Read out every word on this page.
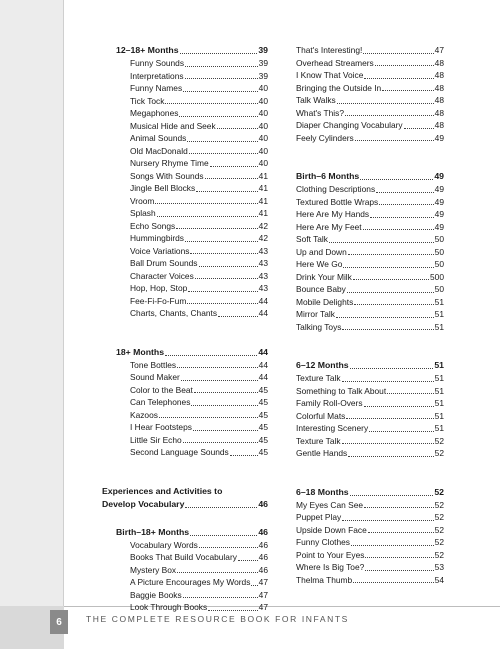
6	THE COMPLETE RESOURCE BOOK FOR INFANTS
12–18+ Months	39
Funny Sounds	39
Interpretations	39
Funny Names	40
Tick Tock	40
Megaphones	40
Musical Hide and Seek	40
Animal Sounds	40
Old MacDonald	40
Nursery Rhyme Time	40
Songs With Sounds	41
Jingle Bell Blocks	41
Vroom	41
Splash	41
Echo Songs	42
Hummingbirds	42
Voice Variations	43
Ball Drum Sounds	43
Character Voices	43
Hop, Hop, Stop	43
Fee-Fi-Fo-Fum	44
Charts, Chants, Chants	44
18+ Months	44
Tone Bottles	44
Sound Maker	44
Color to the Beat	45
Can Telephones	45
Kazoos	45
I Hear Footsteps	45
Little Sir Echo	45
Second Language Sounds	45
Experiences and Activities to
Develop Vocabulary	46
Birth–18+ Months	46
Vocabulary Words	46
Books That Build Vocabulary	46
Mystery Box	46
A Picture Encourages My Words 47
Baggie Books	47
Look Through Books	47
That's Interesting!	47
Overhead Streamers	48
I Know That Voice	48
Bringing the Outside In	48
Talk Walks	48
What's This?	48
Diaper Changing Vocabulary	48
Feely Cylinders	49
Birth–6 Months	49
Clothing Descriptions	49
Textured Bottle Wraps	49
Here Are My Hands	49
Here Are My Feet	49
Soft Talk	50
Up and Down	50
Here We Go	50
Drink Your Milk	500
Bounce Baby	50
Mobile Delights	51
Mirror Talk	51
Talking Toys	51
6–12 Months	51
Texture Talk	51
Something to Talk About	51
Family Roll-Overs	51
Colorful Mats	51
Interesting Scenery	51
Texture Talk	52
Gentle Hands	52
6–18 Months	52
My Eyes Can See	52
Puppet Play	52
Upside Down Face	52
Funny Clothes	52
Point to Your Eyes	52
Where Is Big Toe?	53
Thelma Thumb	54
